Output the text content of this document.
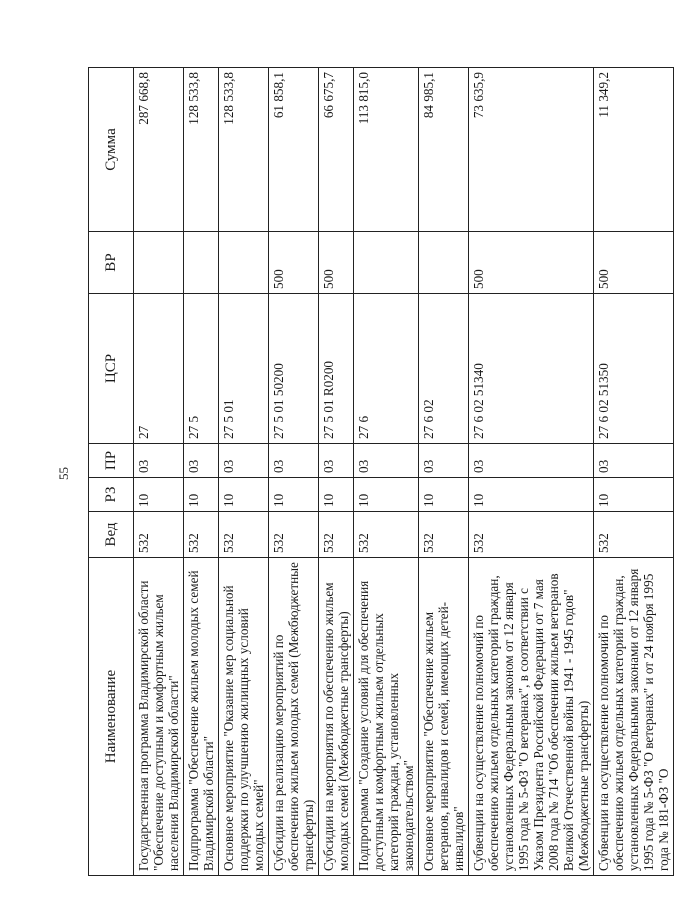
55
Наименование	Вед	РЗ	ПР	ЦСР	ВР	Сумма
Государственная программа Владимирской области "Обеспечение доступным и комфортным жильем населения Владимирской области"	532	10	03	27		287 668,8
Подпрограмма "Обеспечение жильем молодых семей Владимирской области"	532	10	03	27 5		128 533,8
Основное мероприятие "Оказание мер социальной поддержки по улучшению жилищных условий молодых семей"	532	10	03	27 5 01		128 533,8
Субсидии на реализацию мероприятий по обеспечению жильем молодых семей (Межбюджетные трансферты)	532	10	03	27 5 01 50200	500	61 858,1
Субсидии на мероприятия по обеспечению жильем молодых семей (Межбюджетные трансферты)	532	10	03	27 5 01 R0200	500	66 675,7
Подпрограмма "Создание условий для обеспечения доступным и комфортным жильем отдельных категорий граждан, установленных законодательством"	532	10	03	27 6		113 815,0
Основное мероприятие "Обеспечение жильем ветеранов, инвалидов и семей, имеющих детей-инвалидов"	532	10	03	27 6 02		84 985,1
Субвенции на осуществление полномочий по обеспечению жильем отдельных категорий граждан, установленных Федеральным законом от 12 января 1995 года № 5-ФЗ "О ветеранах", в соответствии с Указом Президента Российской Федерации от 7 мая 2008 года № 714 "Об обеспечении жильем ветеранов Великой Отечественной войны 1941 - 1945 годов" (Межбюджетные трансферты)	532	10	03	27 6 02 51340	500	73 635,9
Субвенции на осуществление полномочий по обеспечению жильем отдельных категорий граждан, установленных Федеральными законами от 12 января 1995 года № 5-ФЗ "О ветеранах" и от 24 ноября 1995 года № 181-ФЗ "О	532	10	03	27 6 02 51350	500	11 349,2
